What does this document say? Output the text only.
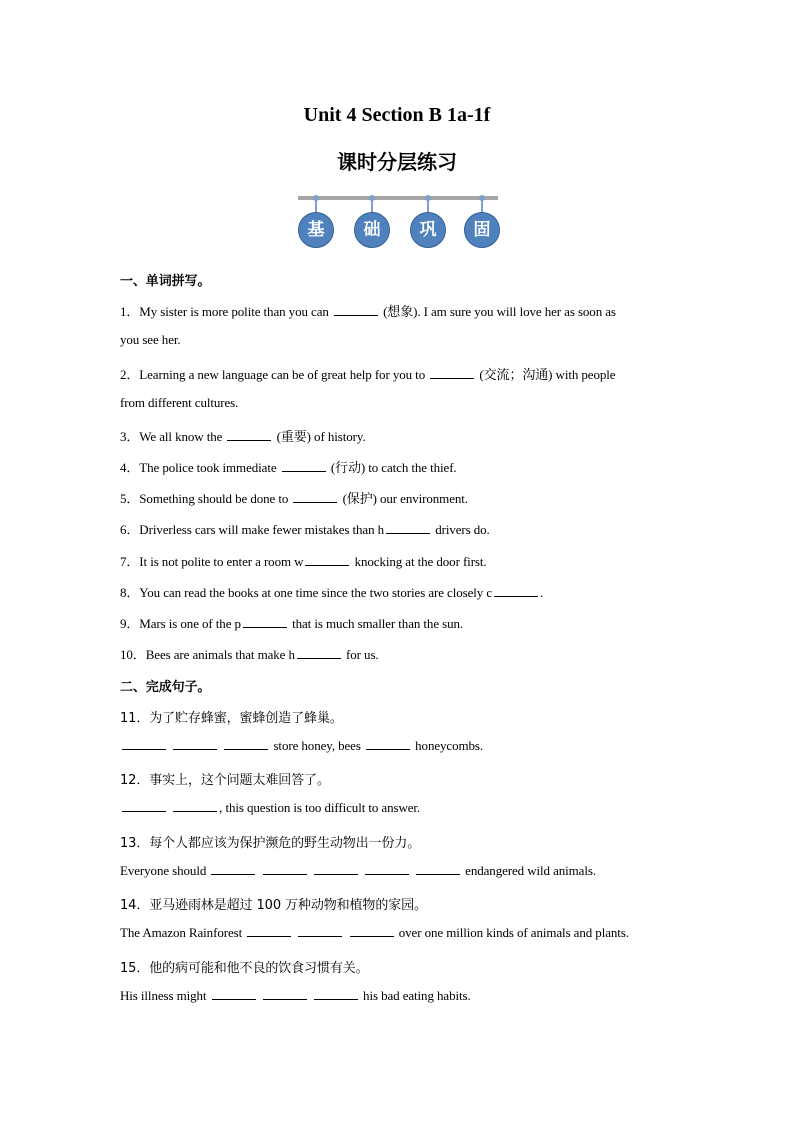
Unit 4 Section B 1a-1f
课时分层练习
基	础	巩	固
一、单词拼写。
1．My sister is more polite than you can	(想象). I am sure you will love her as soon as
you see her.
2．Learning a new language can be of great help for you to	(交流；沟通) with people
from different cultures.
3．We all know the	(重要) of history.
4．The police took immediate	(行动) to catch the thief.
5．Something should be done to	(保护) our environment.
6．Driverless cars will make fewer mistakes than h	drivers do.
7．It is not polite to enter a room w	knocking at the door first.
8．You can read the books at one time since the two stories are closely c	.
9．Mars is one of the p	that is much smaller than the sun.
10．Bees are animals that make h	for us.
二、完成句子。
11．为了贮存蜂蜜，蜜蜂创造了蜂巢。
store honey, bees	honeycombs.
12．事实上，这个问题太难回答了。
, this question is too difficult to answer.
13．每个人都应该为保护濒危的野生动物出一份力。
Everyone should	endangered wild animals.
14．亚马逊雨林是超过 100 万种动物和植物的家园。
The Amazon Rainforest	over one million kinds of animals and plants.
15．他的病可能和他不良的饮食习惯有关。
His illness might	his bad eating habits.
